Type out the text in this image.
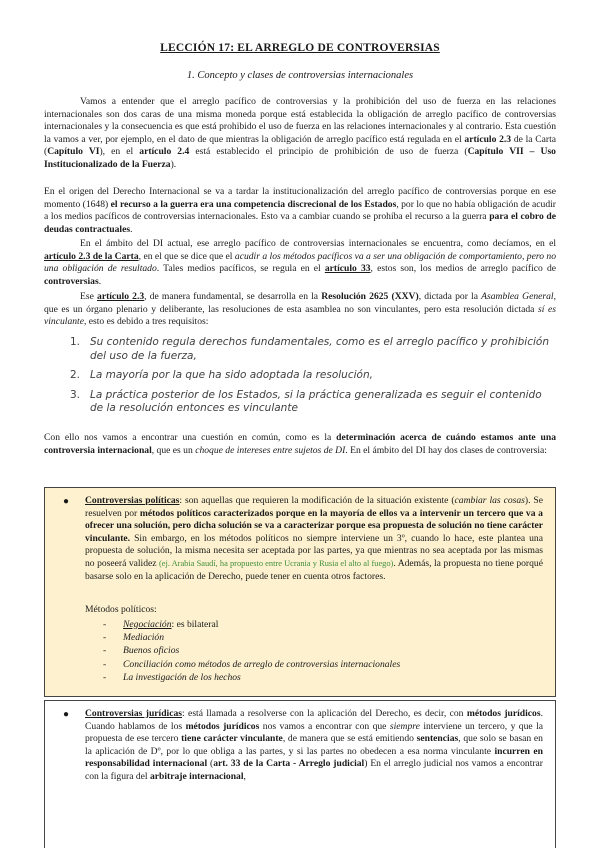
LECCIÓN 17: EL ARREGLO DE CONTROVERSIAS
1. Concepto y clases de controversias internacionales

Vamos a entender que el arreglo pacífico de controversias y la prohibición del uso de fuerza en las relaciones internacionales son dos caras de una misma moneda porque está establecida la obligación de arreglo pacífico de controversias internacionales y la consecuencia es que está prohibido el uso de fuerza en las relaciones internacionales y al contrario. Esta cuestión la vamos a ver, por ejemplo, en el dato de que mientras la obligación de arreglo pacífico está regulada en el artículo 2.3 de la Carta (Capítulo VI), en el artículo 2.4 está establecido el principio de prohibición de uso de fuerza (Capítulo VII – Uso Institucionalizado de la Fuerza).

En el origen del Derecho Internacional se va a tardar la institucionalización del arreglo pacífico de controversias porque en ese momento (1648) el recurso a la guerra era una competencia discrecional de los Estados, por lo que no había obligación de acudir a los medios pacíficos de controversias internacionales. Esto va a cambiar cuando se prohíba el recurso a la guerra para el cobro de deudas contractuales.

En el ámbito del DI actual, ese arreglo pacífico de controversias internacionales se encuentra, como decíamos, en el artículo 2.3 de la Carta, en el que se dice que el acudir a los métodos pacíficos va a ser una obligación de comportamiento, pero no una obligación de resultado. Tales medios pacíficos, se regula en el artículo 33, estos son, los medios de arreglo pacífico de controversias.

Ese artículo 2.3, de manera fundamental, se desarrolla en la Resolución 2625 (XXV), dictada por la Asamblea General, que es un órgano plenario y deliberante, las resoluciones de esta asamblea no son vinculantes, pero esta resolución dictada sí es vinculante, esto es debido a tres requisitos:

1. Su contenido regula derechos fundamentales, como es el arreglo pacífico y prohibición del uso de la fuerza,
2. La mayoría por la que ha sido adoptada la resolución,
3. La práctica posterior de los Estados, si la práctica generalizada es seguir el contenido de la resolución entonces es vinculante

Con ello nos vamos a encontrar una cuestión en común, como es la determinación acerca de cuándo estamos ante una controversia internacional, que es un choque de intereses entre sujetos de DI. En el ámbito del DI hay dos clases de controversia:

● Controversias políticas: son aquellas que requieren la modificación de la situación existente (cambiar las cosas). Se resuelven por métodos políticos caracterizados porque en la mayoría de ellos va a intervenir un tercero que va a ofrecer una solución, pero dicha solución se va a caracterizar porque esa propuesta de solución no tiene carácter vinculante. Sin embargo, en los métodos políticos no siempre interviene un 3º, cuando lo hace, este plantea una propuesta de solución, la misma necesita ser aceptada por las partes, ya que mientras no sea aceptada por las mismas no poseerá validez (ej. Arabia Saudí, ha propuesto entre Ucrania y Rusia el alto al fuego). Además, la propuesta no tiene porqué basarse solo en la aplicación de Derecho, puede tener en cuenta otros factores.

Métodos políticos:
- Negociación: es bilateral
- Mediación
- Buenos oficios
- Conciliación como métodos de arreglo de controversias internacionales
- La investigación de los hechos
● Controversias jurídicas: está llamada a resolverse con la aplicación del Derecho, es decir, con métodos jurídicos. Cuando hablamos de los métodos jurídicos nos vamos a encontrar con que siempre interviene un tercero, y que la propuesta de ese tercero tiene carácter vinculante, de manera que se está emitiendo sentencias, que solo se basan en la aplicación de Dº, por lo que obliga a las partes, y si las partes no obedecen a esa norma vinculante incurren en responsabilidad internacional (art. 33 de la Carta - Arreglo judicial) En el arreglo judicial nos vamos a encontrar con la figura del arbitraje internacional,
